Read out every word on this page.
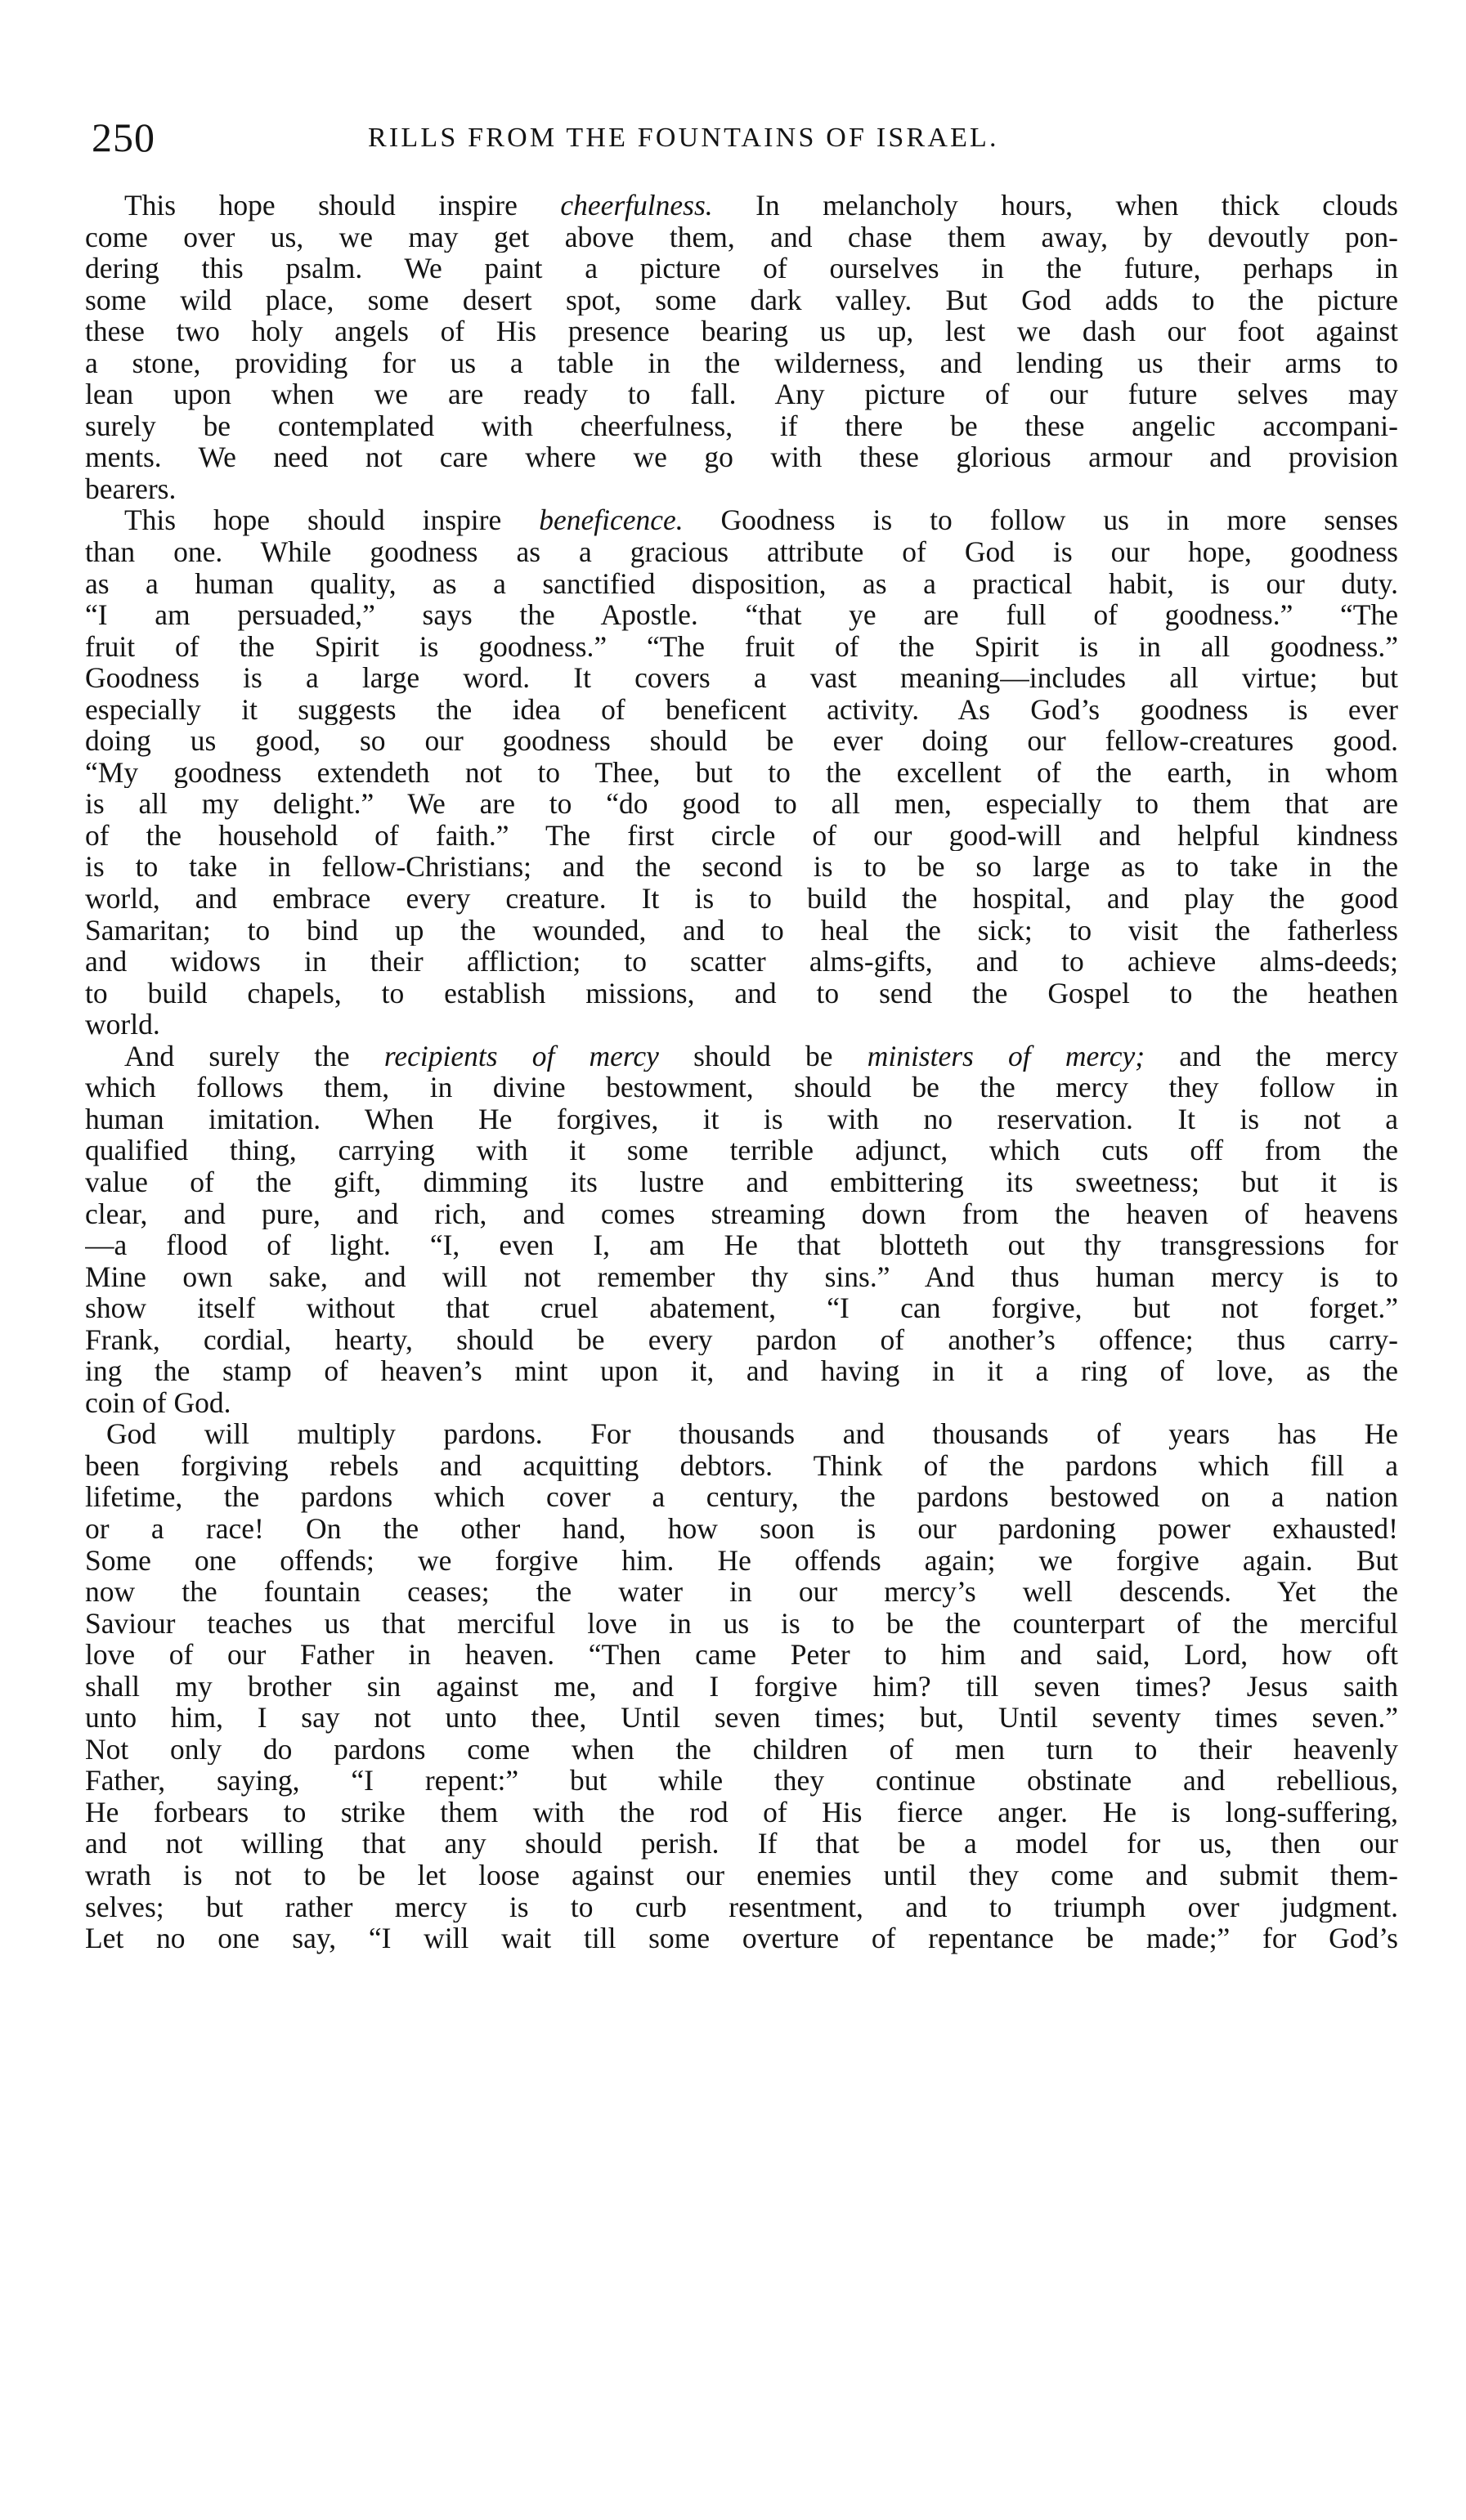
250	RILLS FROM THE FOUNTAINS OF ISRAEL.
This hope should inspire cheerfulness. In melancholy hours, when thick clouds
come over us, we may get above them, and chase them away, by devoutly pon-
dering this psalm. We paint a picture of ourselves in the future, perhaps in
some wild place, some desert spot, some dark valley. But God adds to the picture
these two holy angels of His presence bearing us up, lest we dash our foot against
a stone, providing for us a table in the wilderness, and lending us their arms to
lean upon when we are ready to fall. Any picture of our future selves may
surely be contemplated with cheerfulness, if there be these angelic accompani-
ments. We need not care where we go with these glorious armour and provision
bearers.
This hope should inspire beneficence. Goodness is to follow us in more senses
than one. While goodness as a gracious attribute of God is our hope, goodness
as a human quality, as a sanctified disposition, as a practical habit, is our duty.
“I am persuaded,” says the Apostle. “that ye are full of goodness.” “The
fruit of the Spirit is goodness.” “The fruit of the Spirit is in all goodness.”
Goodness is a large word. It covers a vast meaning—includes all virtue; but
especially it suggests the idea of beneficent activity. As God’s goodness is ever
doing us good, so our goodness should be ever doing our fellow-creatures good.
“My goodness extendeth not to Thee, but to the excellent of the earth, in whom
is all my delight.” We are to “do good to all men, especially to them that are
of the household of faith.” The first circle of our good-will and helpful kindness
is to take in fellow-Christians; and the second is to be so large as to take in the
world, and embrace every creature. It is to build the hospital, and play the good
Samaritan; to bind up the wounded, and to heal the sick; to visit the fatherless
and widows in their affliction; to scatter alms-gifts, and to achieve alms-deeds;
to build chapels, to establish missions, and to send the Gospel to the heathen
world.
And surely the recipients of mercy should be ministers of mercy; and the mercy
which follows them, in divine bestowment, should be the mercy they follow in
human imitation. When He forgives, it is with no reservation. It is not a
qualified thing, carrying with it some terrible adjunct, which cuts off from the
value of the gift, dimming its lustre and embittering its sweetness; but it is
clear, and pure, and rich, and comes streaming down from the heaven of heavens
—a flood of light. “I, even I, am He that blotteth out thy transgressions for
Mine own sake, and will not remember thy sins.” And thus human mercy is to
show itself without that cruel abatement, “I can forgive, but not forget.”
Frank, cordial, hearty, should be every pardon of another’s offence; thus carry-
ing the stamp of heaven’s mint upon it, and having in it a ring of love, as the
coin of God.
God will multiply pardons. For thousands and thousands of years has He
been forgiving rebels and acquitting debtors. Think of the pardons which fill a
lifetime, the pardons which cover a century, the pardons bestowed on a nation
or a race! On the other hand, how soon is our pardoning power exhausted!
Some one offends; we forgive him. He offends again; we forgive again. But
now the fountain ceases; the water in our mercy’s well descends. Yet the
Saviour teaches us that merciful love in us is to be the counterpart of the merciful
love of our Father in heaven. “Then came Peter to him and said, Lord, how oft
shall my brother sin against me, and I forgive him? till seven times? Jesus saith
unto him, I say not unto thee, Until seven times; but, Until seventy times seven.”
Not only do pardons come when the children of men turn to their heavenly
Father, saying, “I repent:” but while they continue obstinate and rebellious,
He forbears to strike them with the rod of His fierce anger. He is long-suffering,
and not willing that any should perish. If that be a model for us, then our
wrath is not to be let loose against our enemies until they come and submit them-
selves; but rather mercy is to curb resentment, and to triumph over judgment.
Let no one say, “I will wait till some overture of repentance be made;” for God’s
